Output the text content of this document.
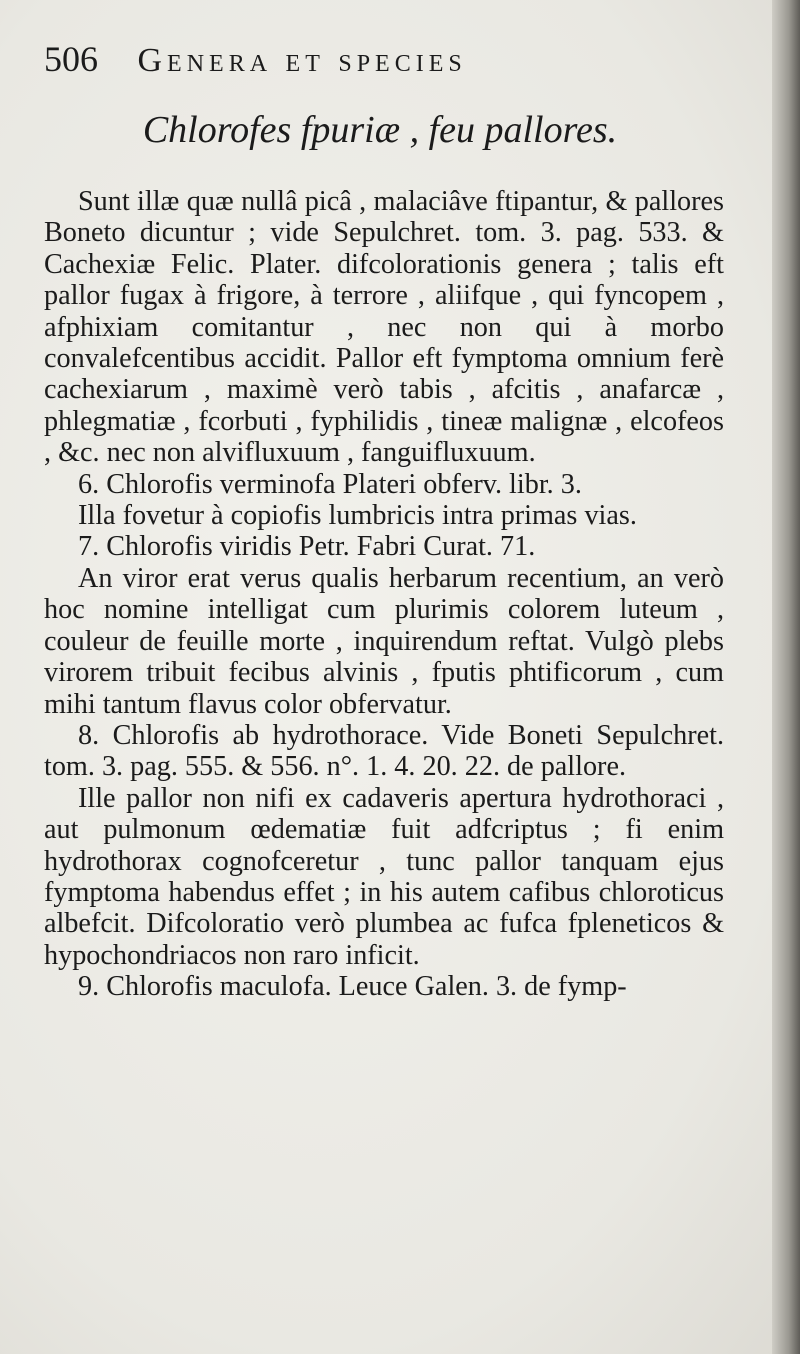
506 Genera et species
Chlorofes fpuriæ , feu pallores.

Sunt illæ quæ nullâ picâ , malaciâve ftipantur, & pallores Boneto dicuntur ; vide Sepulchret. tom. 3. pag. 533. & Cachexiæ Felic. Plater. difcolorationis genera ; talis eft pallor fugax à frigore, à terrore , aliifque , qui fyncopem , afphixiam comitantur , nec non qui à morbo convalefcentibus accidit. Pallor eft fymptoma omnium ferè cachexiarum , maximè verò tabis , afcitis , anafarcæ , phlegmatiæ , fcorbuti , fyphilidis , tineæ malignæ , elcofeos , &c. nec non alvifluxuum , fanguifluxuum.

6. Chlorofis verminofa Plateri obferv. libr. 3.

Illa fovetur à copiofis lumbricis intra primas vias.

7. Chlorofis viridis Petr. Fabri Curat. 71.

An viror erat verus qualis herbarum recentium, an verò hoc nomine intelligat cum plurimis colorem luteum , couleur de feuille morte , inquirendum reftat. Vulgò plebs virorem tribuit fecibus alvinis , fputis phtificorum , cum mihi tantum flavus color obfervatur.

8. Chlorofis ab hydrothorace. Vide Boneti Sepulchret. tom. 3. pag. 555. & 556. n°. 1. 4. 20. 22. de pallore.

Ille pallor non nifi ex cadaveris apertura hydrothoraci , aut pulmonum œdematiæ fuit adfcriptus ; fi enim hydrothorax cognofceretur , tunc pallor tanquam ejus fymptoma habendus effet ; in his autem cafibus chloroticus albefcit. Difcoloratio verò plumbea ac fufca fpleneticos & hypochondriacos non raro inficit.

9. Chlorofis maculofa. Leuce Galen. 3. de fymp-
